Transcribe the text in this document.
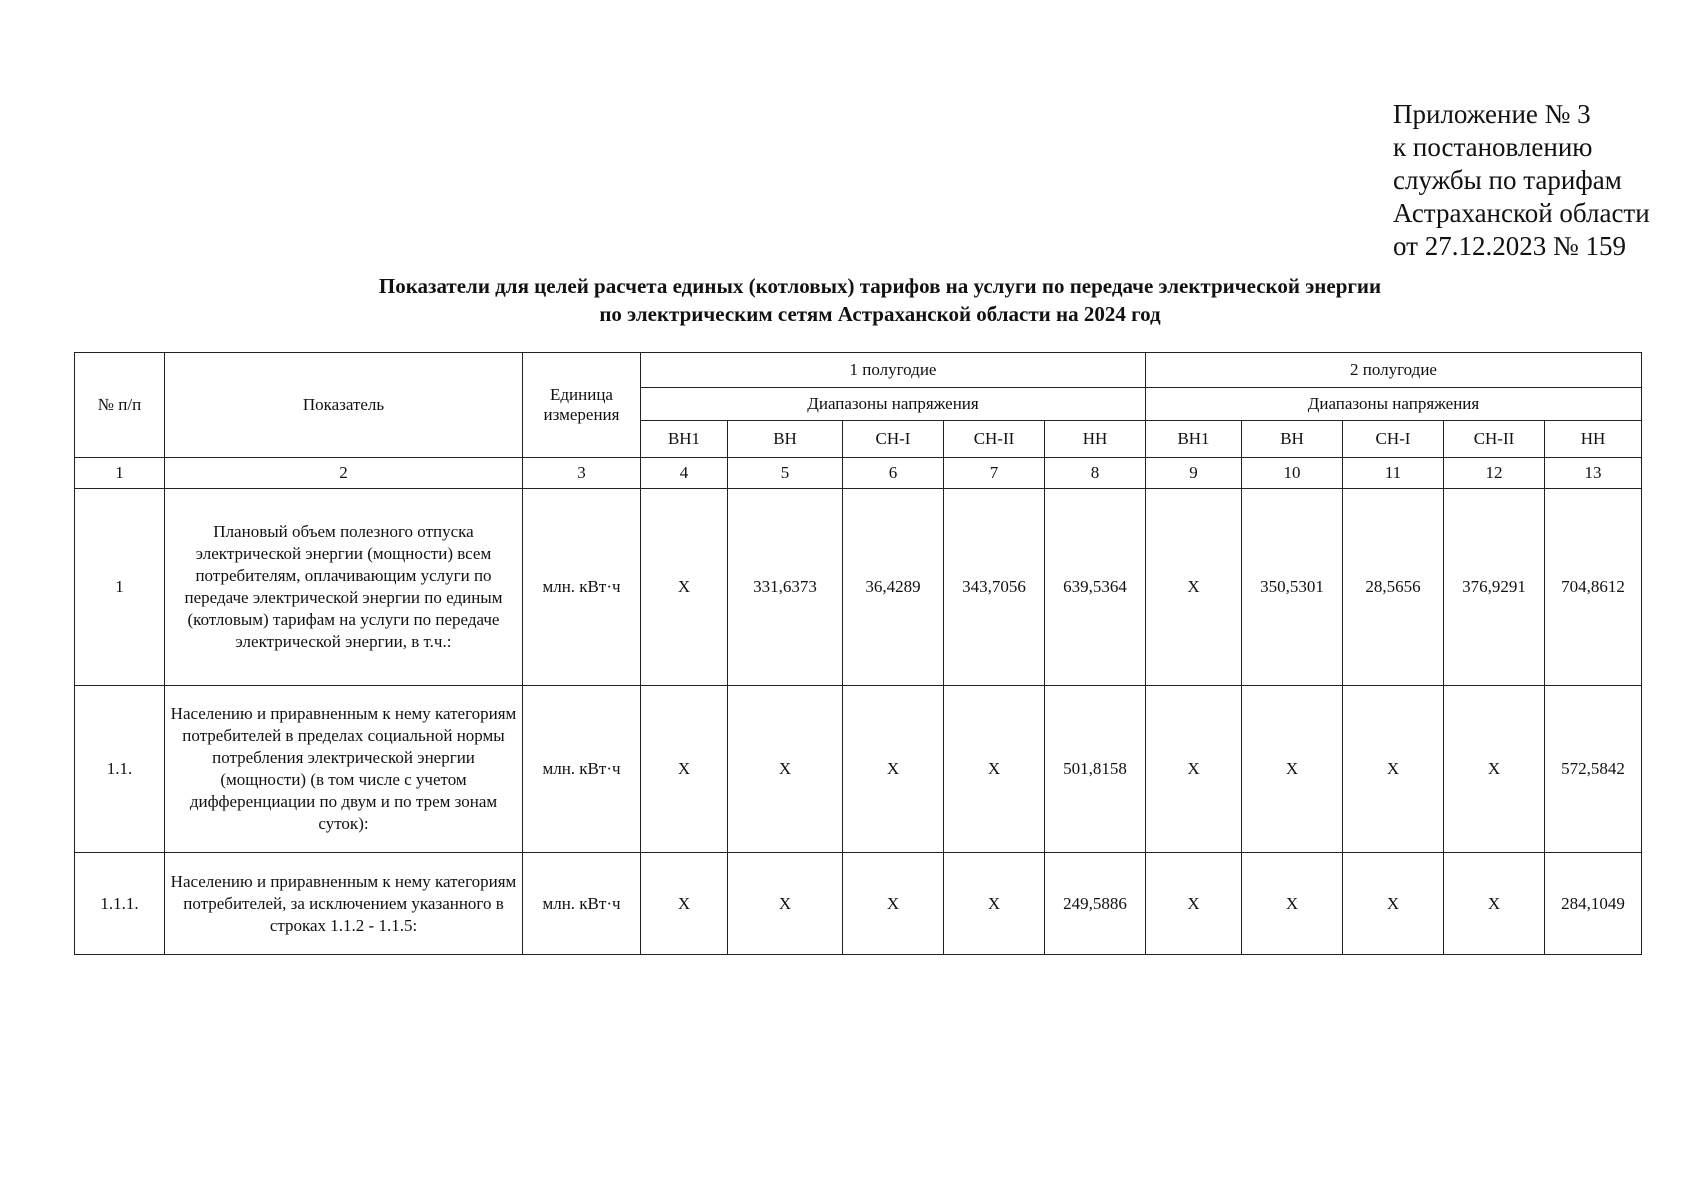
Приложение № 3
к постановлению
службы по тарифам
Астраханской области
от 27.12.2023 № 159
Показатели для целей расчета единых (котловых) тарифов на услуги по передаче электрической энергии
по электрическим сетям Астраханской области на 2024 год
№ п/п	Показатель	Единица измерения	1 полугодие					2 полугодие				
			Диапазоны напряжения					Диапазоны напряжения				
			ВН1	ВН	СН-I	СН-II	НН	ВН1	ВН	СН-I	СН-II	НН
1	2	3	4	5	6	7	8	9	10	11	12	13
1	Плановый объем полезного отпуска электрической энергии (мощности) всем потребителям, оплачивающим услуги по передаче электрической энергии по единым (котловым) тарифам на услуги по передаче электрической энергии, в т.ч.:	млн. кВт·ч	Х	331,6373	36,4289	343,7056	639,5364	Х	350,5301	28,5656	376,9291	704,8612
1.1.	Населению и приравненным к нему категориям потребителей в пределах социальной нормы потребления электрической энергии (мощности) (в том числе с учетом дифференциации по двум и по трем зонам суток):	млн. кВт·ч	Х	Х	Х	Х	501,8158	Х	Х	Х	Х	572,5842
1.1.1.	Населению и приравненным к нему категориям потребителей, за исключением указанного в строках 1.1.2 - 1.1.5:	млн. кВт·ч	Х	Х	Х	Х	249,5886	Х	Х	Х	Х	284,1049
